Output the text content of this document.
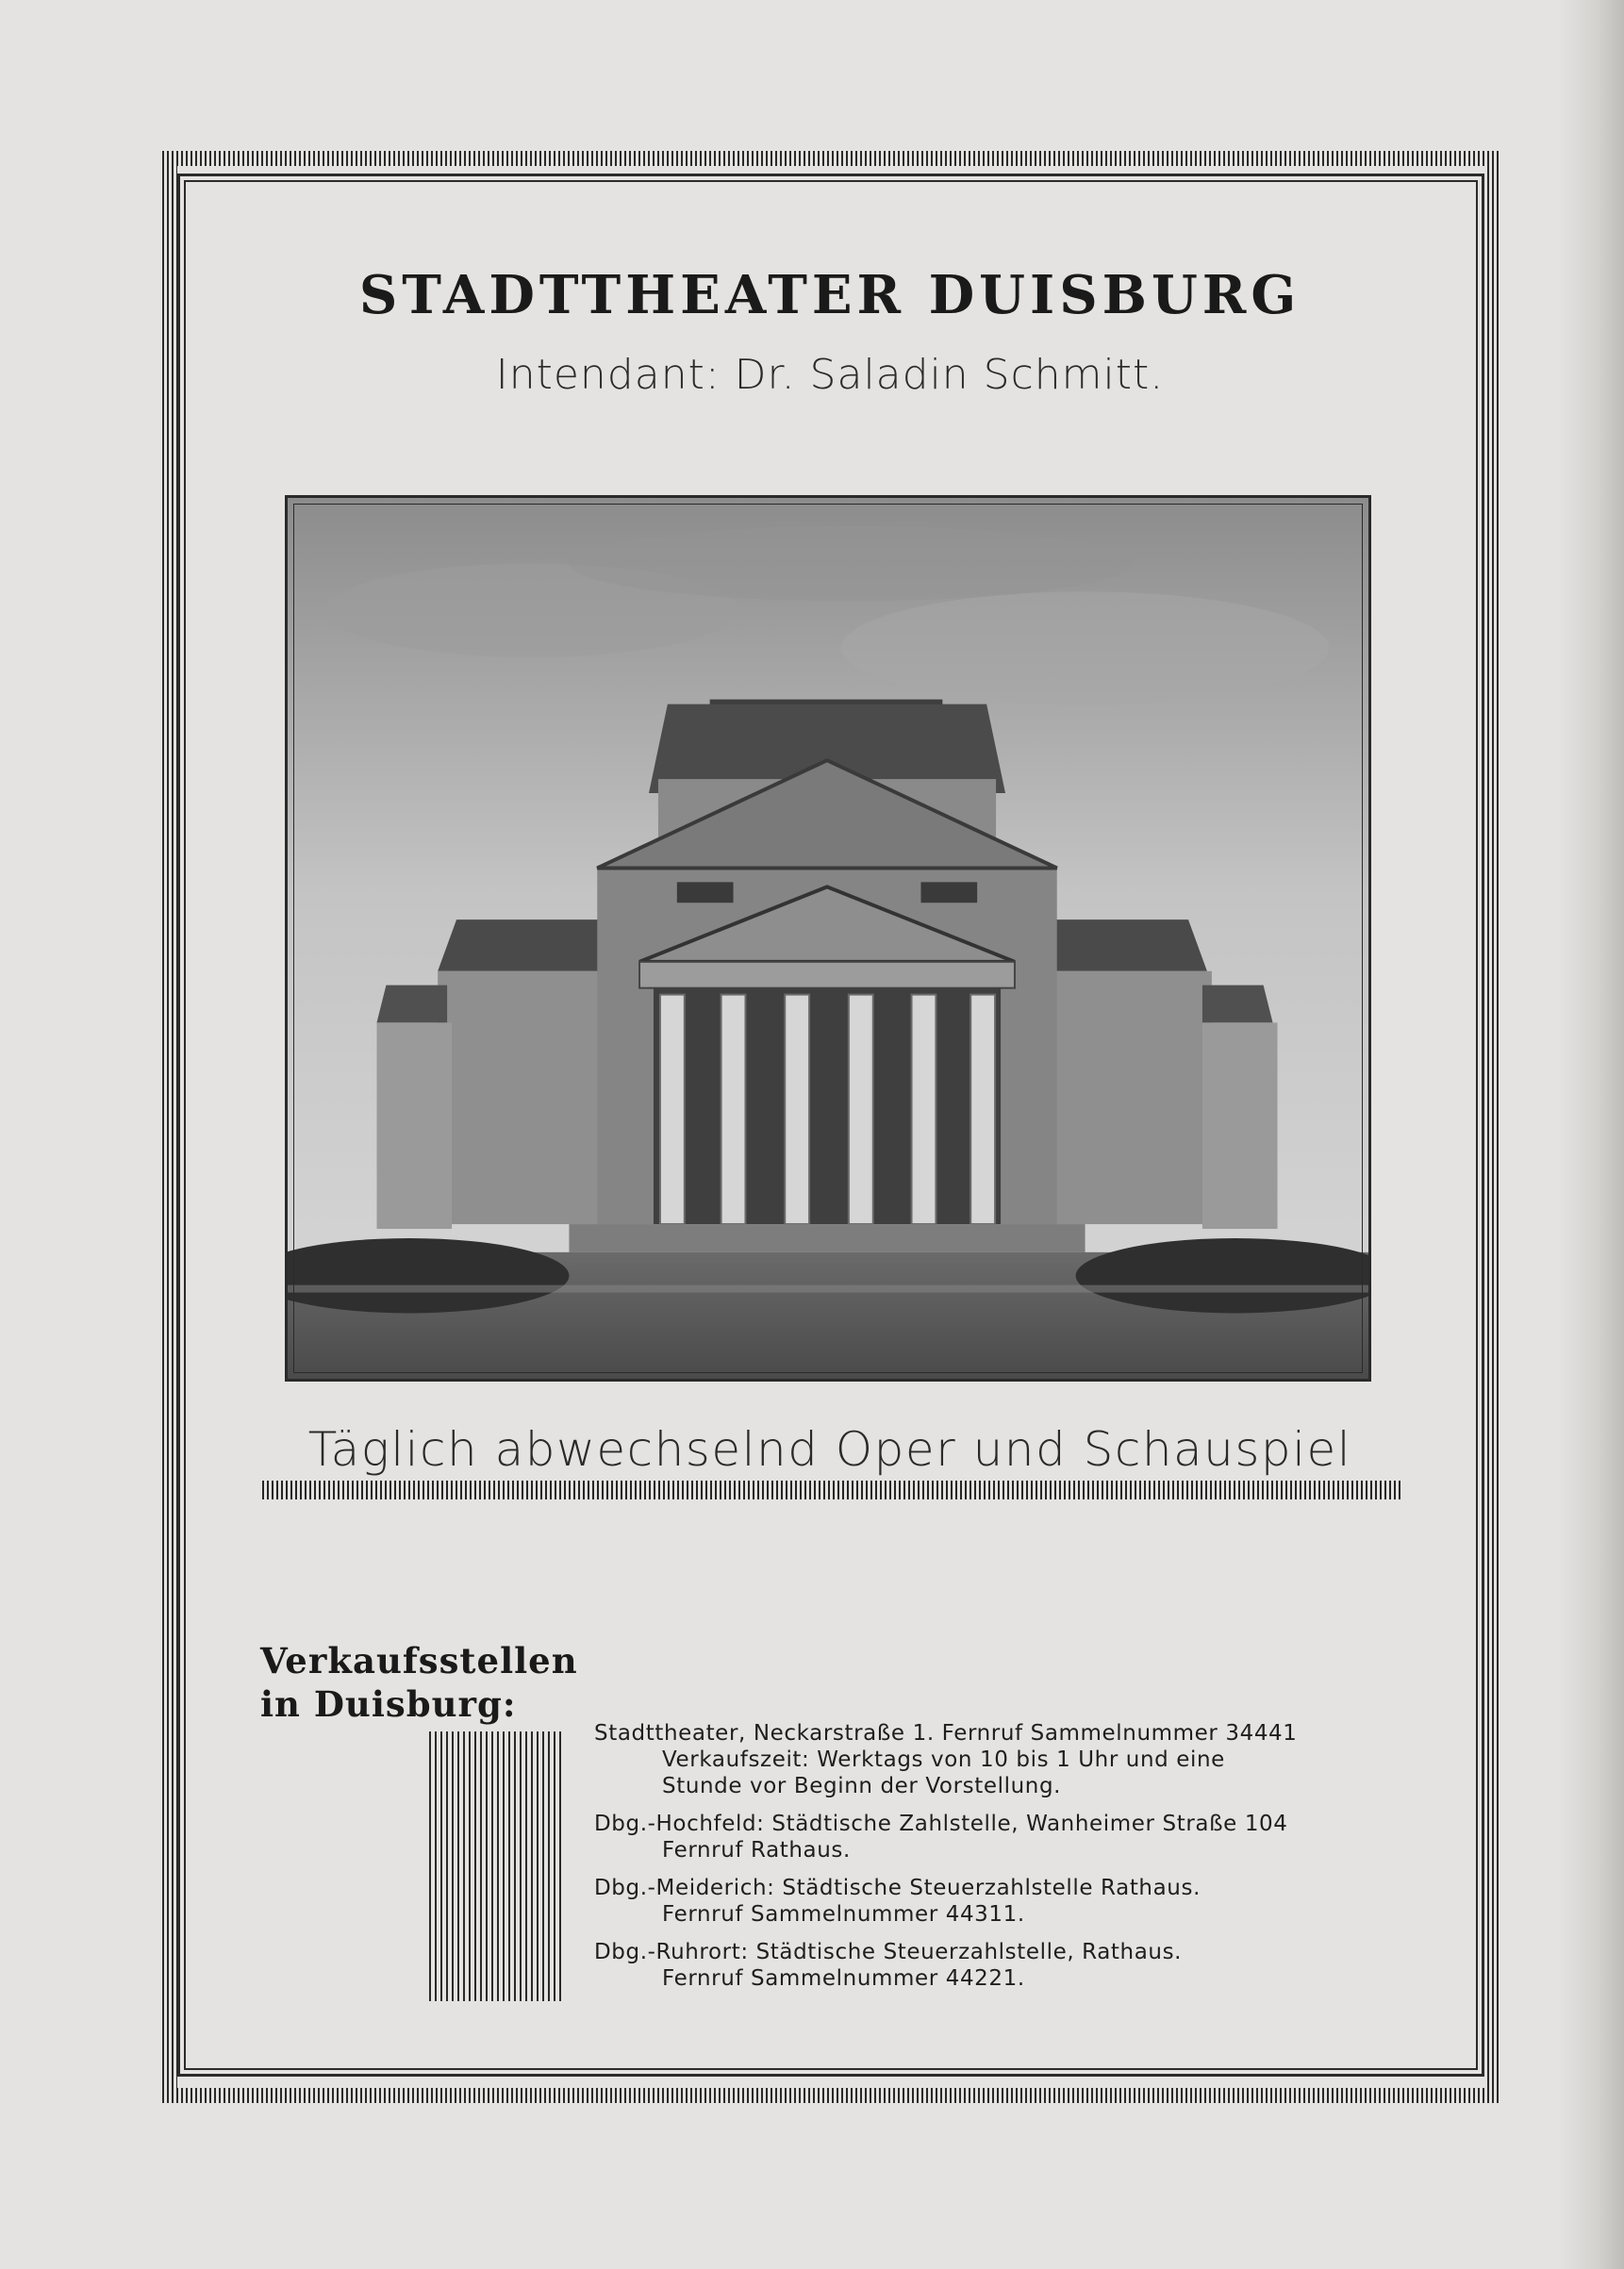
STADTTHEATER DUISBURG
Intendant: Dr. Saladin Schmitt.
Täglich abwechselnd Oper und Schauspiel
Verkaufsstellen
in Duisburg:
Stadttheater, Neckarstraße 1. Fernruf Sammelnummer 34441
Verkaufszeit: Werktags von 10 bis 1 Uhr und eine
Stunde vor Beginn der Vorstellung.
Dbg.-Hochfeld: Städtische Zahlstelle, Wanheimer Straße 104
Fernruf Rathaus.
Dbg.-Meiderich: Städtische Steuerzahlstelle Rathaus.
Fernruf Sammelnummer 44311.
Dbg.-Ruhrort: Städtische Steuerzahlstelle, Rathaus.
Fernruf Sammelnummer 44221.
